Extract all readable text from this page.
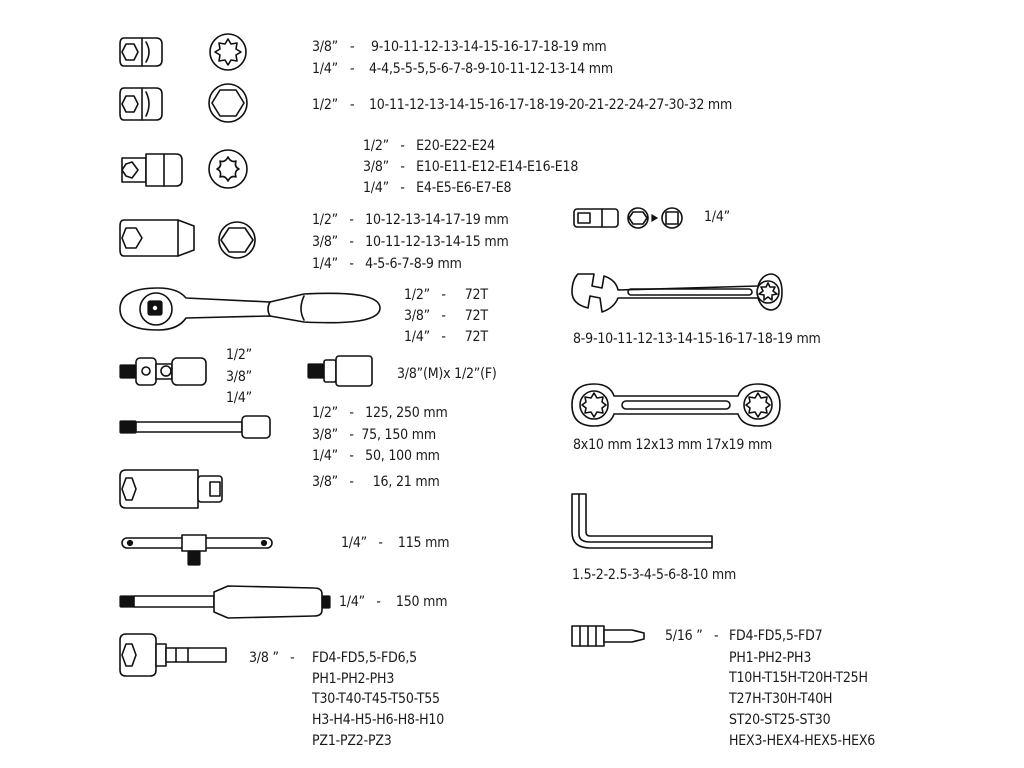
3/8” - 9-10-11-12-13-14-15-16-17-18-19 mm
1/4” - 4-4,5-5-5,5-6-7-8-9-10-11-12-13-14 mm
1/2” - 10-11-12-13-14-15-16-17-18-19-20-21-22-24-27-30-32 mm
1/2”   -   E20-E22-E24
3/8”   -   E10-E11-E12-E14-E16-E18
1/4”   -   E4-E5-E6-E7-E8
1/2”   -   10-12-13-14-17-19 mm
3/8”   -   10-11-12-13-14-15 mm
1/4”   -   4-5-6-7-8-9 mm
1/2”   -     72T
3/8”   -     72T
1/4”   -     72T
1/2”
3/8”
1/4”
3/8”(M)x 1/2”(F)
1/2”   -   125, 250 mm
3/8”   -  75, 150 mm
1/4”   -   50, 100 mm
3/8”   -     16, 21 mm
1/4”   -    115 mm
1/4”   -    150 mm
3/8 ”   - FD4-FD5,5-FD6,5
PH1-PH2-PH3
T30-T40-T45-T50-T55
H3-H4-H5-H6-H8-H10
PZ1-PZ2-PZ3
1/4”
8-9-10-11-12-13-14-15-16-17-18-19 mm
8x10 mm 12x13 mm 17x19 mm
1.5-2-2.5-3-4-5-6-8-10 mm
5/16 ”   - FD4-FD5,5-FD7
PH1-PH2-PH3
T10H-T15H-T20H-T25H
T27H-T30H-T40H
ST20-ST25-ST30
HEX3-HEX4-HEX5-HEX6
